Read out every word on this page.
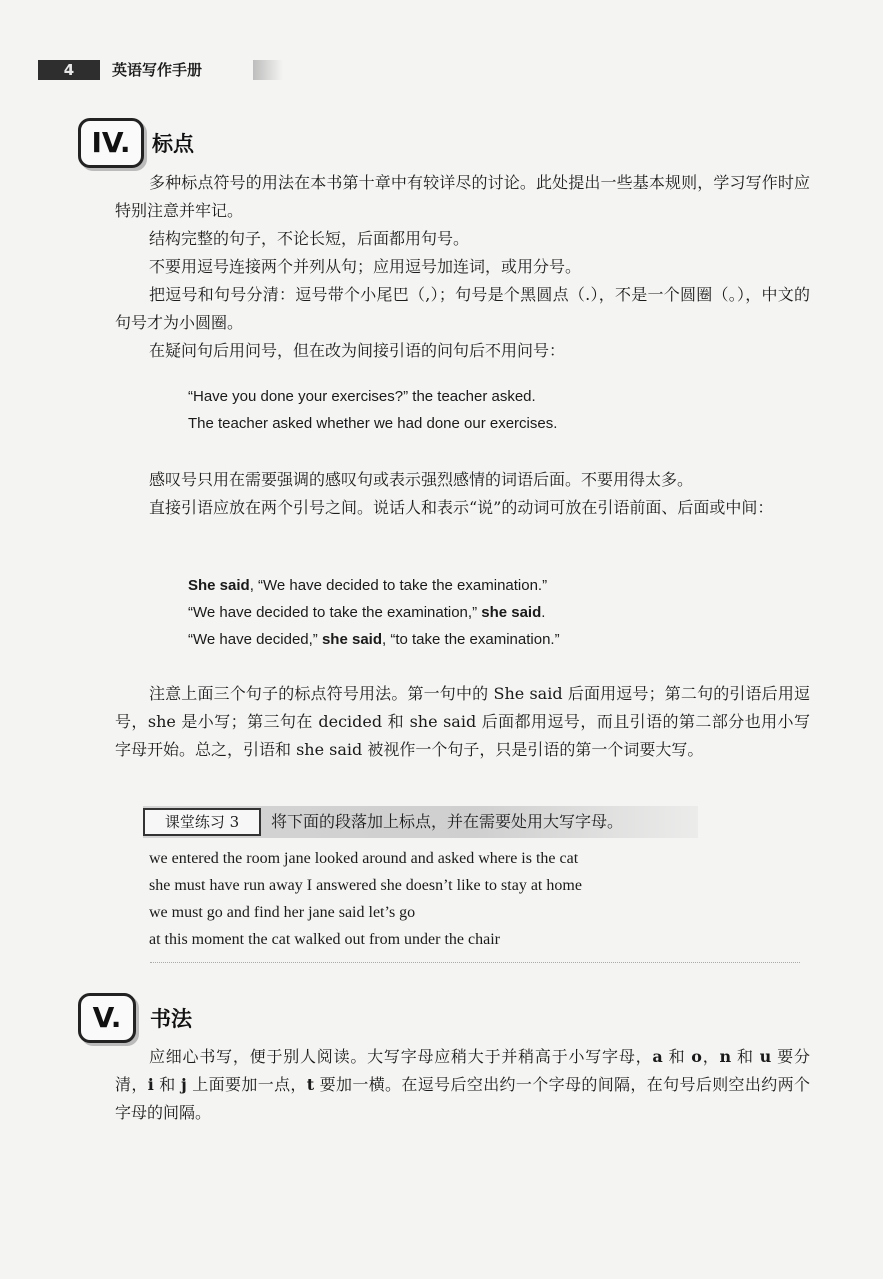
4	英语写作手册
IV.	标点

多种标点符号的用法在本书第十章中有较详尽的讨论。此处提出一些基本规则，学习写作时应特别注意并牢记。

结构完整的句子，不论长短，后面都用句号。

不要用逗号连接两个并列从句；应用逗号加连词，或用分号。

把逗号和句号分清：逗号带个小尾巴（,）；句号是个黑圆点（.），不是一个圆圈（。），中文的句号才为小圆圈。

在疑问句后用问号，但在改为间接引语的问句后不用问号：

“Have you done your exercises?” the teacher asked.
The teacher asked whether we had done our exercises.

感叹号只用在需要强调的感叹句或表示强烈感情的词语后面。不要用得太多。

直接引语应放在两个引号之间。说话人和表示“说”的动词可放在引语前面、后面或中间：

She said, “We have decided to take the examination.”
“We have decided to take the examination,” she said.
“We have decided,” she said, “to take the examination.”

注意上面三个句子的标点符号用法。第一句中的 She said 后面用逗号；第二句的引语后用逗号，she 是小写；第三句在 decided 和 she said 后面都用逗号，而且引语的第二部分也用小写字母开始。总之，引语和 she said 被视作一个句子，只是引语的第一个词要大写。

课堂练习 3	将下面的段落加上标点，并在需要处用大写字母。
we entered the room jane looked around and asked where is the cat
she must have run away I answered she doesn’t like to stay at home
we must go and find her jane said let’s go
at this moment the cat walked out from under the chair
V.	书法

应细心书写，便于别人阅读。大写字母应稍大于并稍高于小写字母，a 和 o，n 和 u 要分清，i 和 j 上面要加一点，t 要加一横。在逗号后空出约一个字母的间隔，在句号后则空出约两个字母的间隔。
